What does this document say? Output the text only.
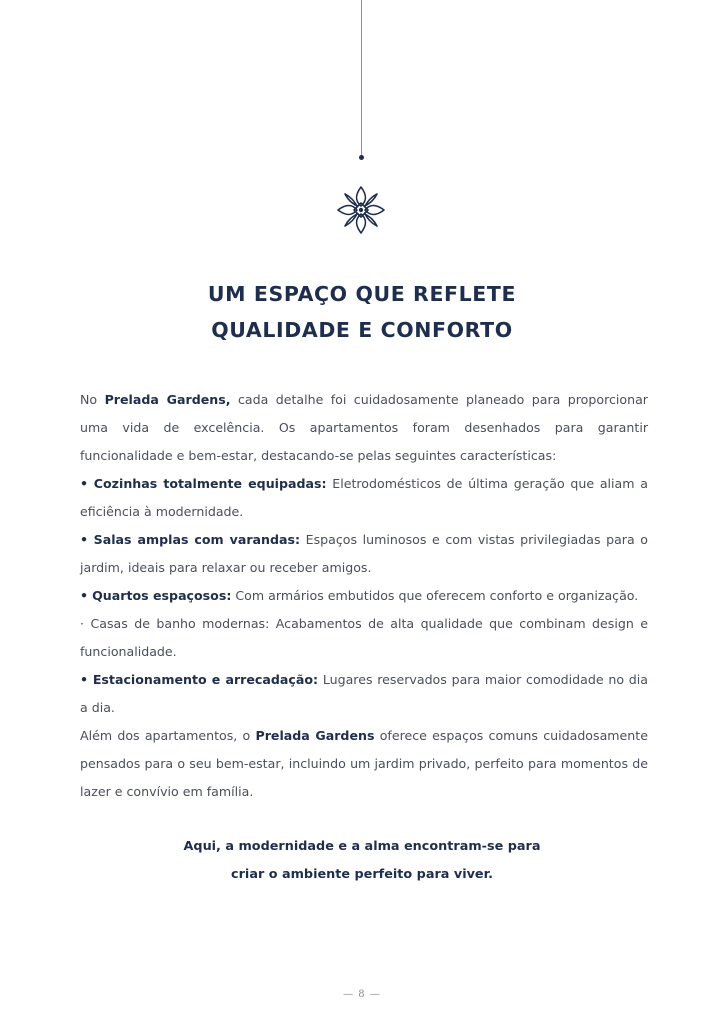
UM ESPAÇO QUE REFLETE
QUALIDADE E CONFORTO

No Prelada Gardens, cada detalhe foi cuidadosamente planeado para proporcionar uma vida de excelência. Os apartamentos foram desenhados para garantir funcionalidade e bem-estar, destacando-se pelas seguintes características:

• Cozinhas totalmente equipadas: Eletrodomésticos de última geração que aliam a eficiência à modernidade.

• Salas amplas com varandas: Espaços luminosos e com vistas privilegiadas para o jardim, ideais para relaxar ou receber amigos.

• Quartos espaçosos: Com armários embutidos que oferecem conforto e organização.

· Casas de banho modernas: Acabamentos de alta qualidade que combinam design e funcionalidade.

• Estacionamento e arrecadação: Lugares reservados para maior comodidade no dia a dia.

Além dos apartamentos, o Prelada Gardens oferece espaços comuns cuidadosamente pensados para o seu bem-estar, incluindo um jardim privado, perfeito para momentos de lazer e convívio em família.

Aqui, a modernidade e a alma encontram-se para
criar o ambiente perfeito para viver.
— 8 —
